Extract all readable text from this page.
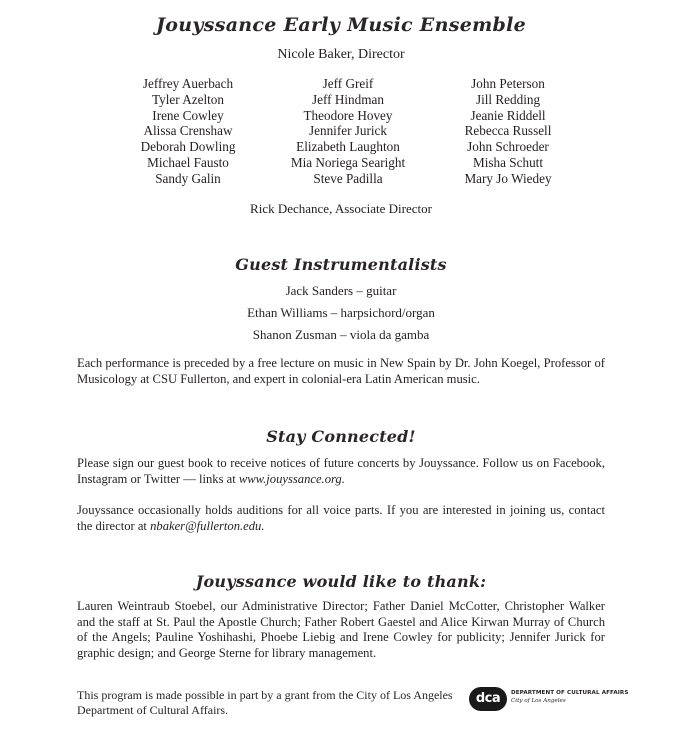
Jouyssance Early Music Ensemble

Nicole Baker, Director

Jeffrey Auerbach
Tyler Azelton
Irene Cowley
Alissa Crenshaw
Deborah Dowling
Michael Fausto
Sandy Galin
Jeff Greif
Jeff Hindman
Theodore Hovey
Jennifer Jurick
Elizabeth Laughton
Mia Noriega Searight
Steve Padilla
John Peterson
Jill Redding
Jeanie Riddell
Rebecca Russell
John Schroeder
Misha Schutt
Mary Jo Wiedey

Rick Dechance, Associate Director

Guest Instrumentalists

Jack Sanders – guitar

Ethan Williams – harpsichord/organ

Shanon Zusman – viola da gamba

Each performance is preceded by a free lecture on music in New Spain by Dr. John Koegel, Professor of Musicology at CSU Fullerton, and expert in colonial-era Latin American music.

Stay Connected!

Please sign our guest book to receive notices of future concerts by Jouyssance. Follow us on Facebook, Instagram or Twitter — links at www.jouyssance.org.

Jouyssance occasionally holds auditions for all voice parts. If you are interested in joining us, contact the director at nbaker@fullerton.edu.

Jouyssance would like to thank:

Lauren Weintraub Stoebel, our Administrative Director; Father Daniel McCotter, Christopher Walker and the staff at St. Paul the Apostle Church; Father Robert Gaestel and Alice Kirwan Murray of Church of the Angels; Pauline Yoshihashi, Phoebe Liebig and Irene Cowley for publicity; Jennifer Jurick for graphic design; and George Sterne for library management.

This program is made possible in part by a grant from the City of Los Angeles Department of Cultural Affairs.

dca	DEPARTMENT OF CULTURAL AFFAIRS
City of Los Angeles
